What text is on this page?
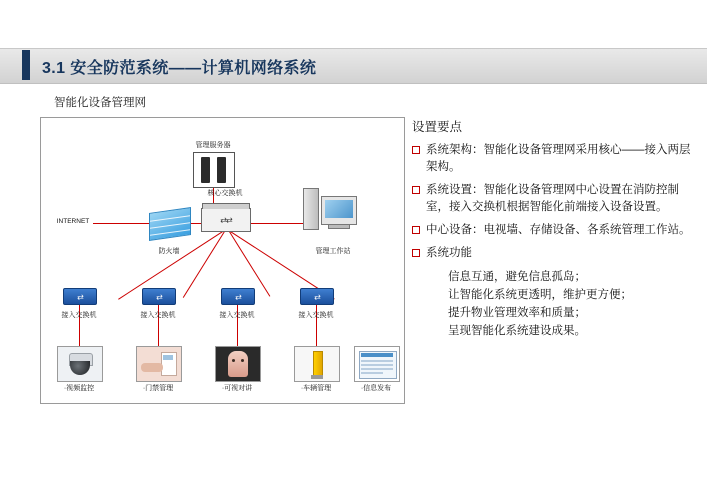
3.1 安全防范系统——计算机网络系统
智能化设备管理网
管理服务器
INTERNET
防火墙
⇄⇄
核心交换机
管理工作站
⇄
接入交换机
⇄
接入交换机
⇄
接入交换机
⇄
接入交换机
·视频监控	·门禁管理	·可视对讲	·车辆管理	·信息发布
设置要点
系统架构：智能化设备管理网采用核心——接入两层架构。
系统设置：智能化设备管理网中心设置在消防控制室，接入交换机根据智能化前端接入设备设置。
中心设备：电视墙、存储设备、各系统管理工作站。
系统功能
信息互通，避免信息孤岛；
让智能化系统更透明，维护更方便；
提升物业管理效率和质量；
呈现智能化系统建设成果。
